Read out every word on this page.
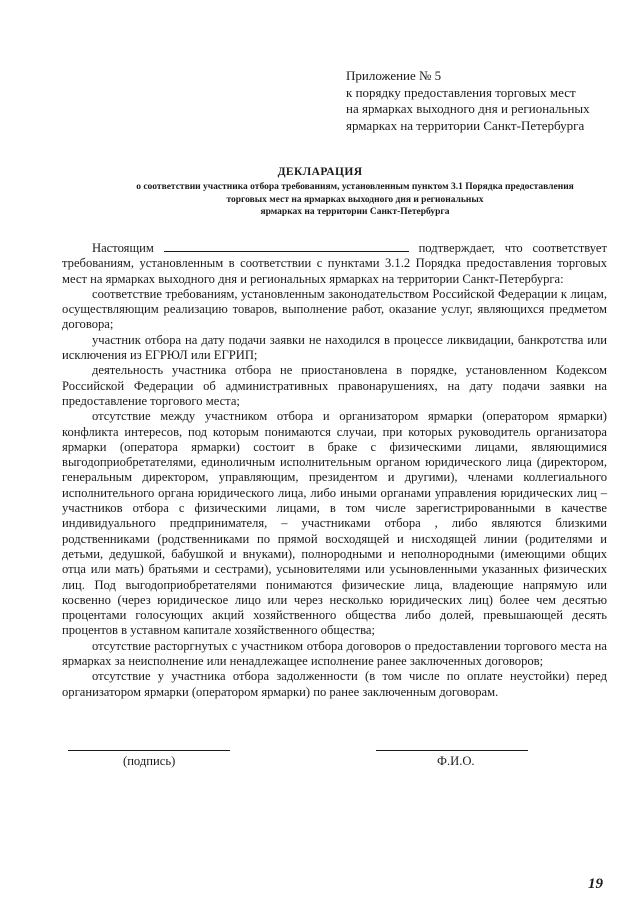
Приложение № 5
к порядку предоставления торговых мест
на ярмарках выходного дня и региональных
ярмарках на территории Санкт-Петербурга
ДЕКЛАРАЦИЯ
о соответствии участника отбора требованиям, установленным пунктом 3.1 Порядка предоставления
торговых мест на ярмарках выходного дня и региональных
ярмарках на территории Санкт-Петербурга

Настоящим	подтверждает, что соответствует требованиям, установленным в соответствии с пунктами 3.1.2 Порядка предоставления торговых мест на ярмарках выходного дня и региональных ярмарках на территории Санкт-Петербурга:

соответствие требованиям, установленным законодательством Российской Федерации к лицам, осуществляющим реализацию товаров, выполнение работ, оказание услуг, являющихся предметом договора;

участник отбора на дату подачи заявки не находился в процессе ликвидации, банкротства или исключения из ЕГРЮЛ или ЕГРИП;

деятельность участника отбора не приостановлена в порядке, установленном Кодексом Российской Федерации об административных правонарушениях, на дату подачи заявки на предоставление торгового места;

отсутствие между участником отбора и организатором ярмарки (оператором ярмарки) конфликта интересов, под которым понимаются случаи, при которых руководитель организатора ярмарки (оператора ярмарки) состоит в браке с физическими лицами, являющимися выгодоприобретателями, единоличным исполнительным органом юридического лица (директором, генеральным директором, управляющим, президентом и другими), членами коллегиального исполнительного органа юридического лица, либо иными органами управления юридических лиц – участников отбора с физическими лицами, в том числе зарегистрированными в качестве индивидуального предпринимателя, – участниками отбора , либо являются близкими родственниками (родственниками по прямой восходящей и нисходящей линии (родителями и детьми, дедушкой, бабушкой и внуками), полнородными и неполнородными (имеющими общих отца или мать) братьями и сестрами), усыновителями или усыновленными указанных физических лиц. Под выгодоприобретателями понимаются физические лица, владеющие напрямую или косвенно (через юридическое лицо или через несколько юридических лиц) более чем десятью процентами голосующих акций хозяйственного общества либо долей, превышающей десять процентов в уставном капитале хозяйственного общества;

отсутствие расторгнутых с участником отбора договоров о предоставлении торгового места на ярмарках за неисполнение или ненадлежащее исполнение ранее заключенных договоров;

отсутствие у участника отбора задолженности (в том числе по оплате неустойки) перед организатором ярмарки (оператором ярмарки) по ранее заключенным договорам.

(подпись)	Ф.И.О.
19
